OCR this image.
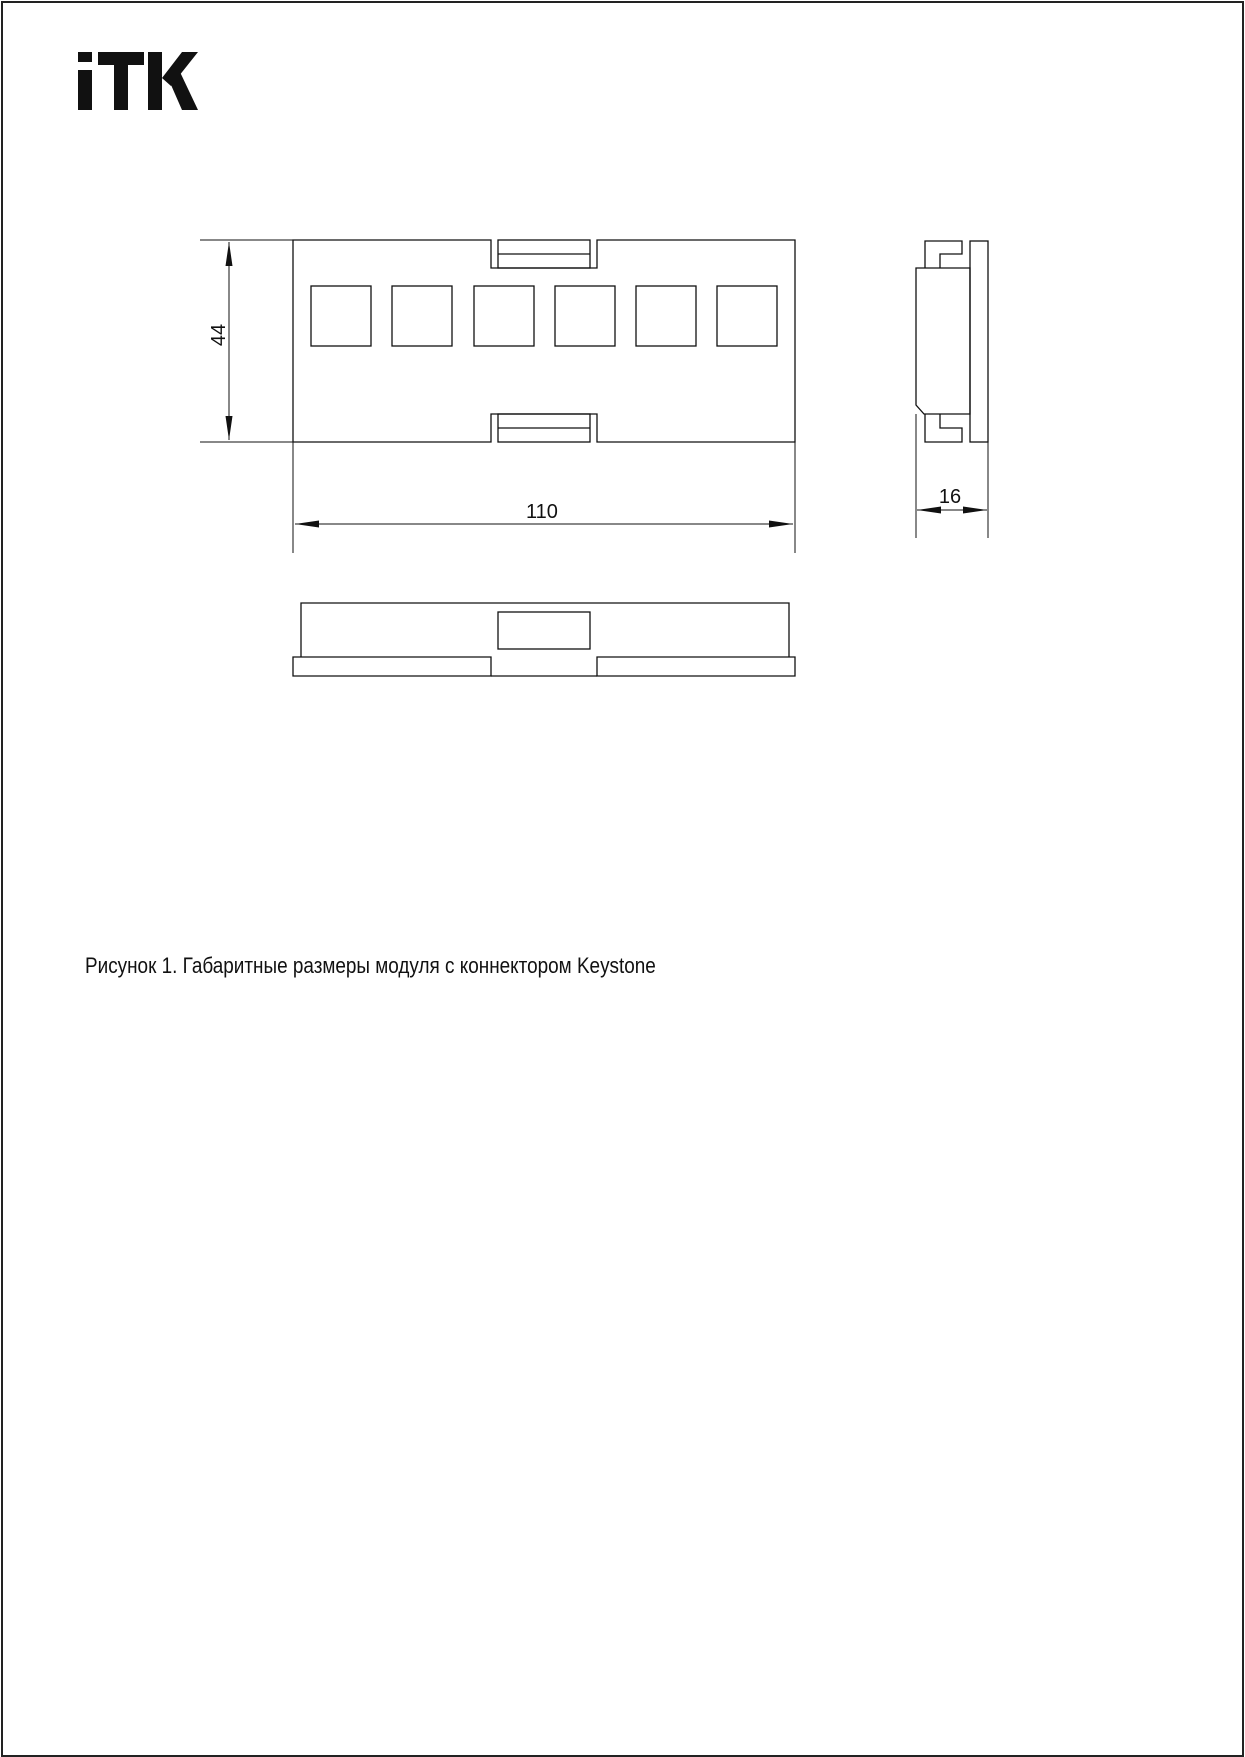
44
110
16

Рисунок 1. Габаритные размеры модуля с коннектором Keystone
